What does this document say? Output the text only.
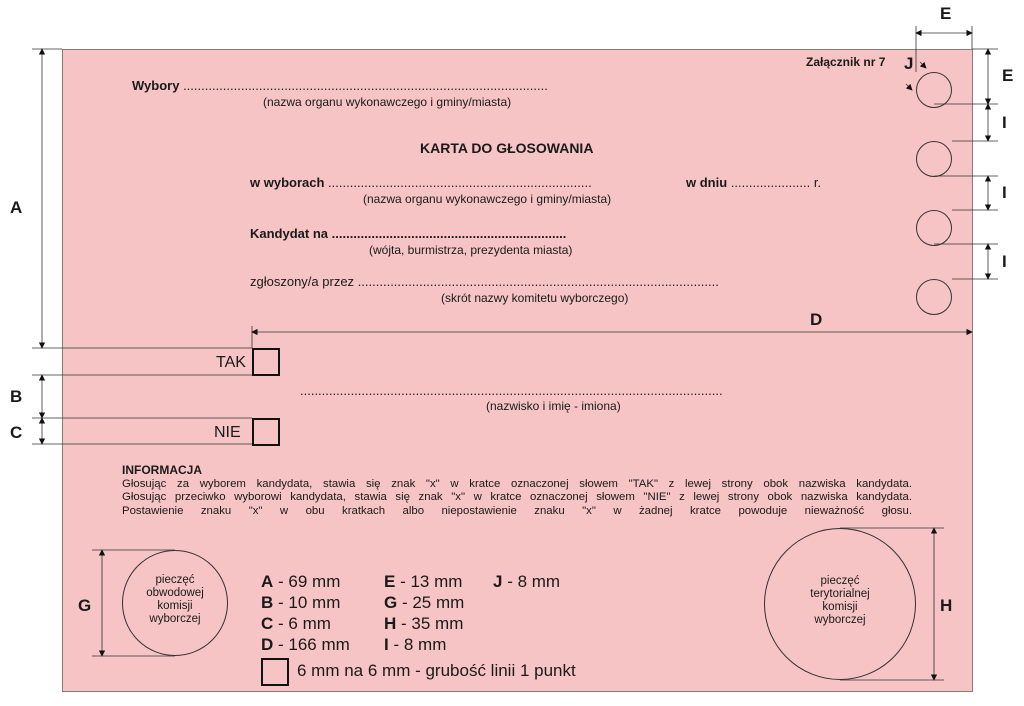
Załącznik nr 7
Wybory .....................................................................................................
(nazwa organu wykonawczego i gminy/miasta)
KARTA DO GŁOSOWANIA
w wyborach .........................................................................	w dniu ...................... r.
(nazwa organu wykonawczego i gminy/miasta)
Kandydat na .................................................................
(wójta, burmistrza, prezydenta miasta)
zgłoszony/a przez ....................................................................................................
(skrót nazwy komitetu wyborczego)
TAK
.....................................................................................................................
(nazwisko i imię - imiona)
NIE
INFORMACJA
Głosując za wyborem kandydata, stawia się znak "x" w kratce oznaczonej słowem "TAK" z lewej strony obok nazwiska kandydata.
Głosując przeciwko wyborowi kandydata, stawia się znak "x" w kratce oznaczonej słowem "NIE" z lewej strony obok nazwiska kandydata.
Postawienie znaku "x" w obu kratkach albo niepostawienie znaku "x" w żadnej kratce powoduje nieważność głosu.
pieczęć
obwodowej
komisji
wyborczej
pieczęć
terytorialnej
komisji
wyborczej
A - 69 mm
B - 10 mm
C - 6 mm
D - 166 mm
E - 13 mm
G - 25 mm
H - 35 mm
I - 8 mm
J - 8 mm
6 mm na 6 mm - grubość linii 1 punkt
A
B
C
D
E
E
I
I
I
J
G	H
